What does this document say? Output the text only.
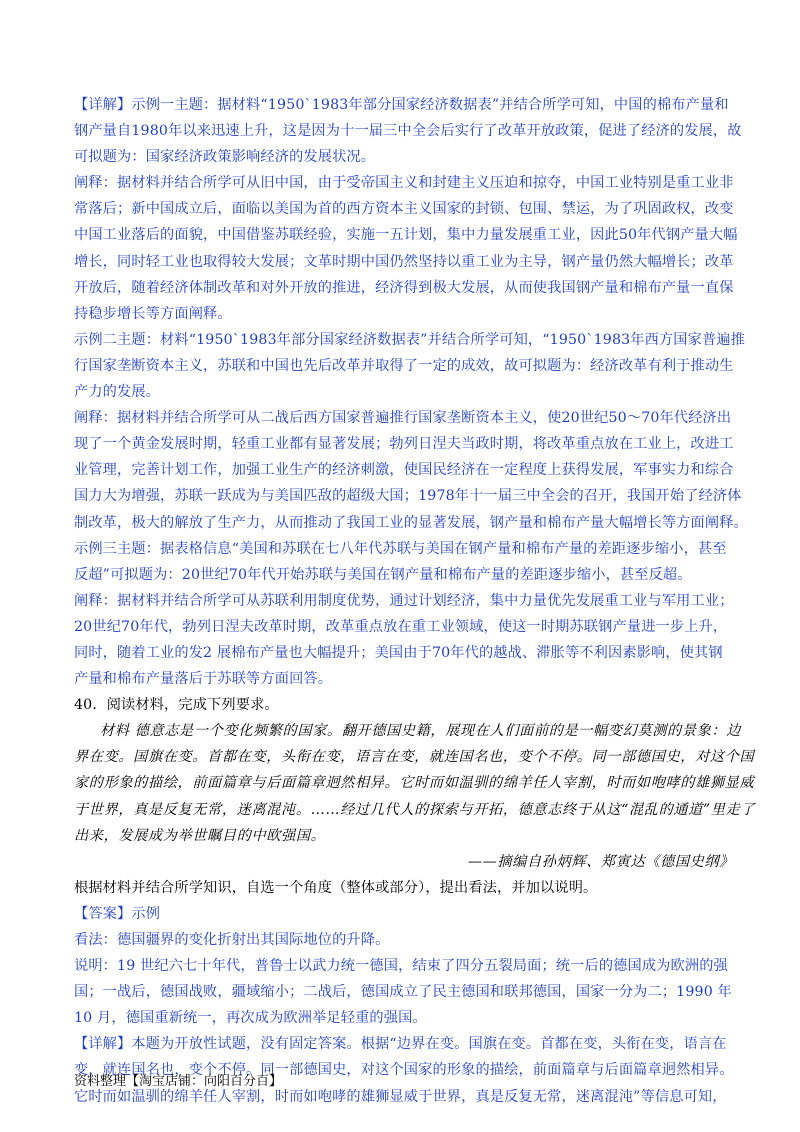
【详解】示例一主题：据材料“1950`1983年部分国家经济数据表”并结合所学可知，中国的棉布产量和
钢产量自1980年以来迅速上升，这是因为十一届三中全会后实行了改革开放政策，促进了经济的发展，故
可拟题为：国家经济政策影响经济的发展状况。
阐释：据材料并结合所学可从旧中国，由于受帝国主义和封建主义压迫和掠夺，中国工业特别是重工业非
常落后；新中国成立后，面临以美国为首的西方资本主义国家的封锁、包围、禁运，为了巩固政权，改变
中国工业落后的面貌，中国借鉴苏联经验，实施一五计划，集中力量发展重工业，因此50年代钢产量大幅
增长，同时轻工业也取得较大发展；文革时期中国仍然坚持以重工业为主导，钢产量仍然大幅增长；改革
开放后，随着经济体制改革和对外开放的推进，经济得到极大发展，从而使我国钢产量和棉布产量一直保
持稳步增长等方面阐释。
示例二主题：材料“1950`1983年部分国家经济数据表”并结合所学可知，“1950`1983年西方国家普遍推
行国家垄断资本主义，苏联和中国也先后改革并取得了一定的成效，故可拟题为：经济改革有利于推动生
产力的发展。
阐释：据材料并结合所学可从二战后西方国家普遍推行国家垄断资本主义，使20世纪50～70年代经济出
现了一个黄金发展时期，轻重工业都有显著发展；勃列日涅夫当政时期，将改革重点放在工业上，改进工
业管理，完善计划工作，加强工业生产的经济刺激，使国民经济在一定程度上获得发展，军事实力和综合
国力大为增强，苏联一跃成为与美国匹敌的超级大国；1978年十一届三中全会的召开，我国开始了经济体
制改革，极大的解放了生产力，从而推动了我国工业的显著发展，钢产量和棉布产量大幅增长等方面阐释。
示例三主题：据表格信息“美国和苏联在七八年代苏联与美国在钢产量和棉布产量的差距逐步缩小，甚至
反超”可拟题为：20世纪70年代开始苏联与美国在钢产量和棉布产量的差距逐步缩小，甚至反超。
阐释：据材料并结合所学可从苏联利用制度优势，通过计划经济，集中力量优先发展重工业与军用工业；
20世纪70年代，勃列日涅夫改革时期，改革重点放在重工业领域，使这一时期苏联钢产量进一步上升，
同时，随着工业的发2 展棉布产量也大幅提升；美国由于70年代的越战、滞胀等不利因素影响，使其钢
产量和棉布产量落后于苏联等方面回答。
40．阅读材料，完成下列要求。
材料 德意志是一个变化频繁的国家。翻开德国史籍，展现在人们面前的是一幅变幻莫测的景象：边
界在变。国旗在变。首都在变，头衔在变，语言在变，就连国名也，变个不停。同一部德国史，对这个国
家的形象的描绘，前面篇章与后面篇章迥然相异。它时而如温驯的绵羊任人宰割，时而如咆哮的雄狮显威
于世界，真是反复无常，迷离混沌。……经过几代人的探索与开拓，德意志终于从这“混乱的通道”里走了
出来，发展成为举世瞩目的中欧强国。
——摘编自孙炳辉、郑寅达《德国史纲》
根据材料并结合所学知识，自选一个角度（整体或部分），提出看法，并加以说明。
【答案】示例
看法：德国疆界的变化折射出其国际地位的升降。
说明：19 世纪六七十年代，普鲁士以武力统一德国，结束了四分五裂局面；统一后的德国成为欧洲的强
国；一战后，德国战败，疆域缩小；二战后，德国成立了民主德国和联邦德国，国家一分为二；1990 年
10 月，德国重新统一，再次成为欧洲举足轻重的强国。
【详解】本题为开放性试题，没有固定答案。根据“边界在变。国旗在变。首都在变，头衔在变，语言在
变，就连国名也，变个不停。同一部德国史，对这个国家的形象的描绘，前面篇章与后面篇章迥然相异。
它时而如温驯的绵羊任人宰割，时而如咆哮的雄狮显威于世界，真是反复无常，迷离混沌”等信息可知，
资料整理【淘宝店铺：向阳百分百】
